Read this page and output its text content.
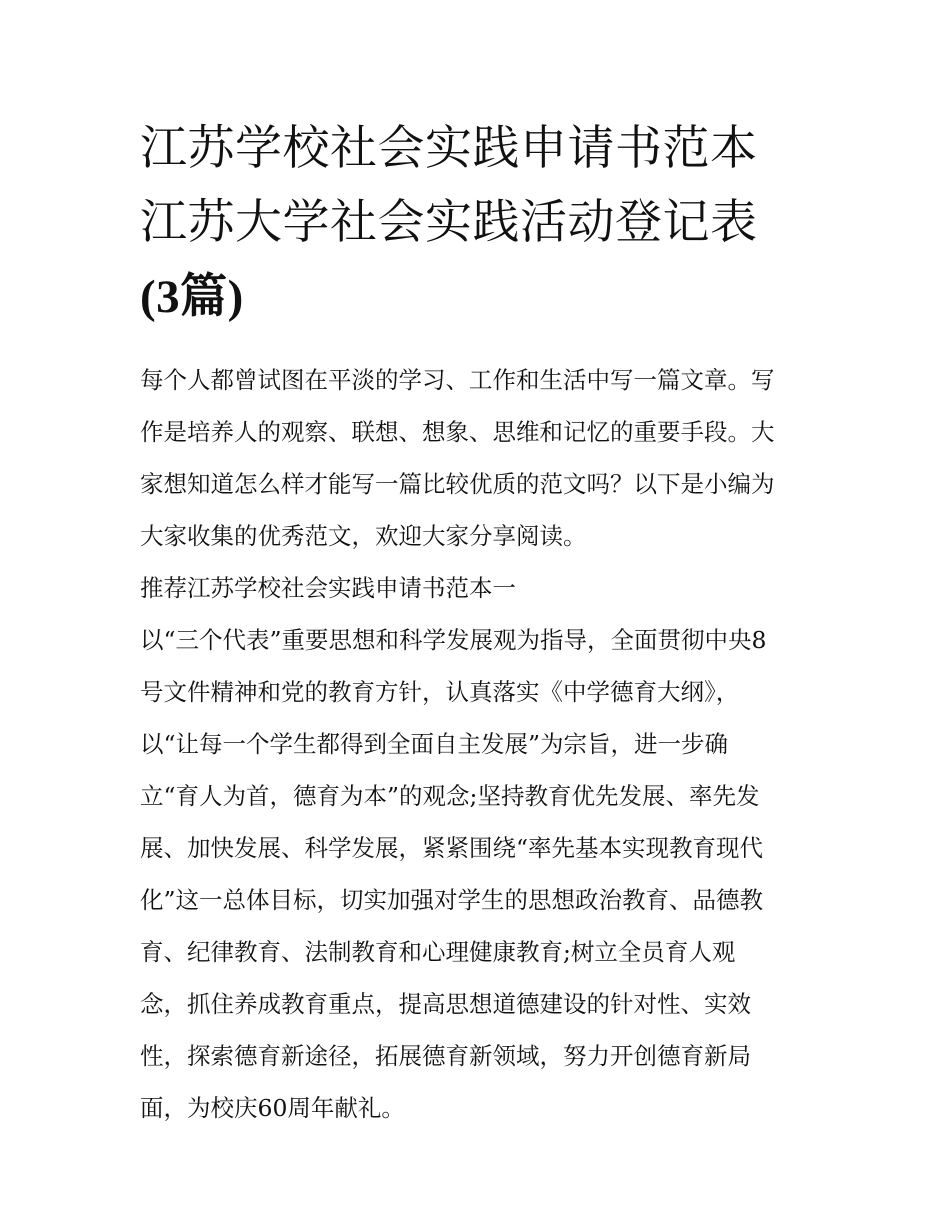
江苏学校社会实践申请书范本
江苏大学社会实践活动登记表
(3篇)
每个人都曾试图在平淡的学习、工作和生活中写一篇文章。写
作是培养人的观察、联想、想象、思维和记忆的重要手段。大
家想知道怎么样才能写一篇比较优质的范文吗？以下是小编为
大家收集的优秀范文，欢迎大家分享阅读。
推荐江苏学校社会实践申请书范本一
以“三个代表”重要思想和科学发展观为指导，全面贯彻中央8
号文件精神和党的教育方针，认真落实《中学德育大纲》，
以“让每一个学生都得到全面自主发展”为宗旨，进一步确
立“育人为首，德育为本”的观念;坚持教育优先发展、率先发
展、加快发展、科学发展，紧紧围绕“率先基本实现教育现代
化”这一总体目标，切实加强对学生的思想政治教育、品德教
育、纪律教育、法制教育和心理健康教育;树立全员育人观
念，抓住养成教育重点，提高思想道德建设的针对性、实效
性，探索德育新途径，拓展德育新领域，努力开创德育新局
面，为校庆60周年献礼。
